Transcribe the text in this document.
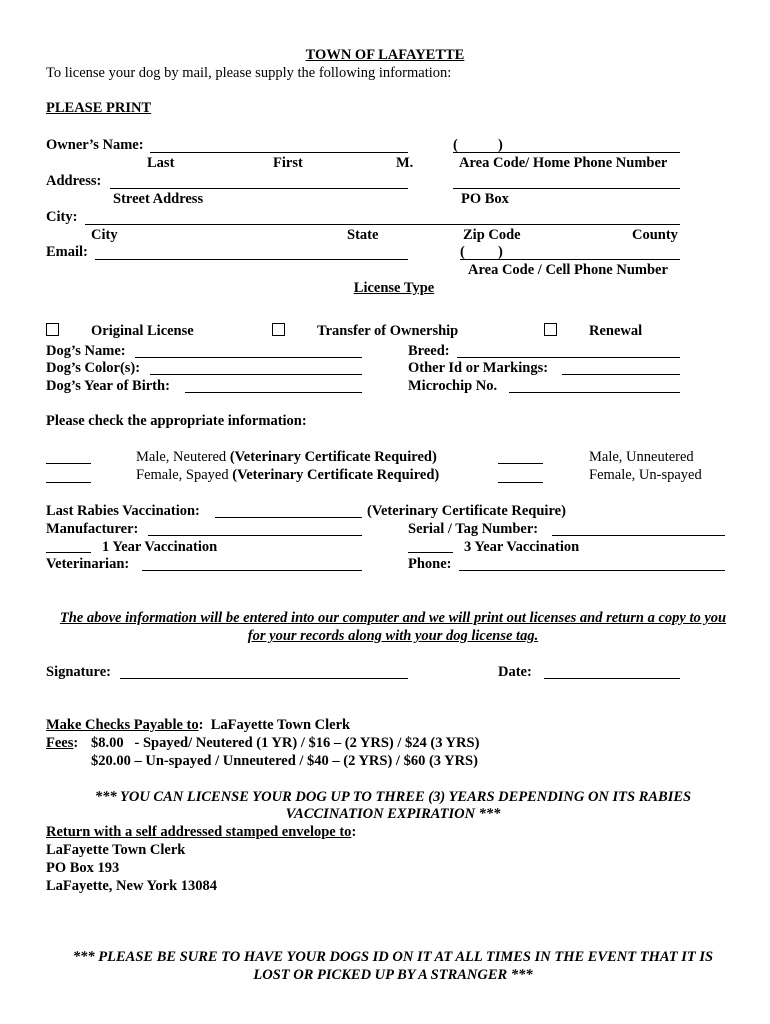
TOWN OF LAFAYETTE
To license your dog by mail, please supply the following information:
PLEASE PRINT
Owner’s Name:	(	)
Last	First	M.	Area Code/ Home Phone Number
Address:
Street Address	PO Box
City:
City	State	Zip Code	County
Email:	( )
Area Code / Cell Phone Number
License Type
Original License	Transfer of Ownership	Renewal
Dog’s Name:	Breed:
Dog’s Color(s):	Other Id or Markings:
Dog’s Year of Birth:	Microchip No.
Please check the appropriate information:
Male, Neutered (Veterinary Certificate Required)	Male, Unneutered
Female, Spayed (Veterinary Certificate Required)	Female, Un-spayed
Last Rabies Vaccination:	(Veterinary Certificate Require)
Manufacturer:	Serial / Tag Number:
1 Year Vaccination	3 Year Vaccination
Veterinarian:	Phone:
The above information will be entered into our computer and we will print out licenses and return a copy to you
for your records along with your dog license tag.
Signature:	Date:
Make Checks Payable to: LaFayette Town Clerk
Fees: $8.00   - Spayed/ Neutered (1 YR) / $16 – (2 YRS) / $24 (3 YRS)
$20.00 – Un-spayed / Unneutered / $40 – (2 YRS) / $60 (3 YRS)
*** YOU CAN LICENSE YOUR DOG UP TO THREE (3) YEARS DEPENDING ON ITS RABIES
VACCINATION EXPIRATION ***
Return with a self addressed stamped envelope to:
LaFayette Town Clerk
PO Box 193
LaFayette, New York 13084
*** PLEASE BE SURE TO HAVE YOUR DOGS ID ON IT AT ALL TIMES IN THE EVENT THAT IT IS
LOST OR PICKED UP BY A STRANGER ***
